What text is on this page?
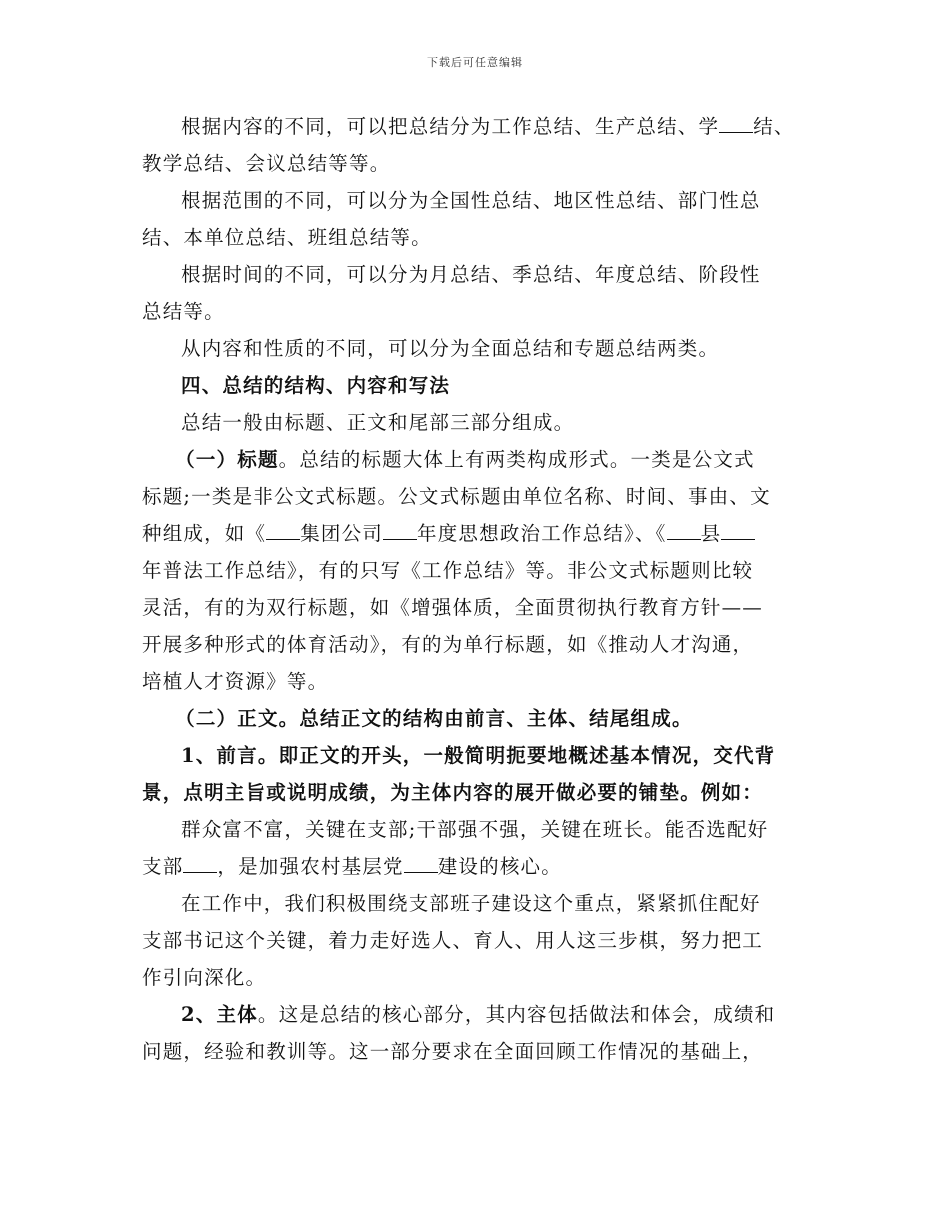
下载后可任意编辑
根据内容的不同，可以把总结分为工作总结、生产总结、学 结、
教学总结、会议总结等等。
根据范围的不同，可以分为全国性总结、地区性总结、部门性总
结、本单位总结、班组总结等。
根据时间的不同，可以分为月总结、季总结、年度总结、阶段性
总结等。
从内容和性质的不同，可以分为全面总结和专题总结两类。
四、总结的结构、内容和写法
总结一般由标题、正文和尾部三部分组成。
（一）标题。总结的标题大体上有两类构成形式。一类是公文式
标题;一类是非公文式标题。公文式标题由单位名称、时间、事由、文
种组成，如《 集团公司 年度思想政治工作总结》、《 县
年普法工作总结》，有的只写《工作总结》等。非公文式标题则比较
灵活，有的为双行标题，如《增强体质，全面贯彻执行教育方针——
开展多种形式的体育活动》，有的为单行标题，如《推动人才沟通，
培植人才资源》等。
（二）正文。总结正文的结构由前言、主体、结尾组成。
1、前言。即正文的开头，一般简明扼要地概述基本情况，交代背
景，点明主旨或说明成绩，为主体内容的展开做必要的铺垫。例如：
群众富不富，关键在支部;干部强不强，关键在班长。能否选配好
支部 ，是加强农村基层党 建设的核心。
在工作中，我们积极围绕支部班子建设这个重点，紧紧抓住配好
支部书记这个关键，着力走好选人、育人、用人这三步棋，努力把工
作引向深化。
2、主体。这是总结的核心部分，其内容包括做法和体会，成绩和
问题，经验和教训等。这一部分要求在全面回顾工作情况的基础上，
